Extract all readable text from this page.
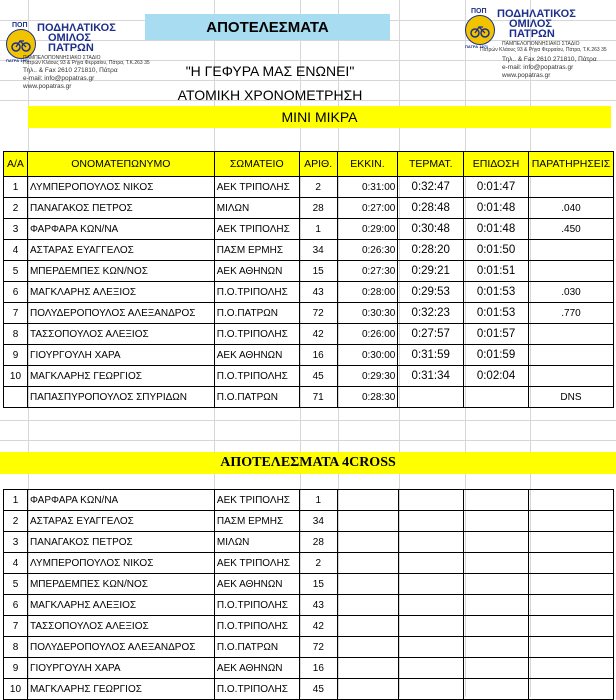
ΠΟΠ
ΠΑΤΡΑ 1971
ΠΟΔΗΛΑΤΙΚΟΣ
ΟΜΙΛΟΣ
ΠΑΤΡΩΝ
ΠΑΜΠΕΛΟΠΟΝΝΗΣΙΑΚΟ ΣΤΑΔΙΟ
Πατρών Κλάους 93 & Ρήγα Φερραίου, Πάτρα, Τ.Κ.263 35
Τηλ.. & Fax 2610 271810, Πάτρα
e-mail: info@popatras.gr
www.popatras.gr
ΠΟΠ
ΠΑΤΡΑ 1971
ΠΟΔΗΛΑΤΙΚΟΣ
ΟΜΙΛΟΣ
ΠΑΤΡΩΝ
ΠΑΜΠΕΛΟΠΟΝΝΗΣΙΑΚΟ ΣΤΑΔΙΟ
Πατρών Κλάους 93 & Ρήγα Φερραίου, Πάτρα, Τ.Κ.263 35
Τηλ.. & Fax 2610 271810, Πάτρα
e-mail: info@popatras.gr
www.popatras.gr
ΑΠΟΤΕΛΕΣΜΑΤΑ
"Η ΓΕΦΥΡΑ ΜΑΣ ΕΝΩΝΕΙ"
ΑΤΟΜΙΚΗ ΧΡΟΝΟΜΕΤΡΗΣΗ
ΜΙΝΙ ΜΙΚΡΑ
Α/Α	ΟΝΟΜΑΤΕΠΩΝΥΜΟ	ΣΩΜΑΤΕΙΟ	ΑΡΙΘ.	ΕΚΚΙΝ.	ΤΕΡΜΑΤ.	ΕΠΙΔΟΣΗ	ΠΑΡΑΤΗΡΗΣΕΙΣ
1	ΛΥΜΠΕΡΟΠΟΥΛΟΣ ΝΙΚΟΣ	ΑΕΚ ΤΡΙΠΟΛΗΣ	2	0:31:00	0:32:47	0:01:47	
2	ΠΑΝΑΓΑΚΟΣ ΠΕΤΡΟΣ	ΜΙΛΩΝ	28	0:27:00	0:28:48	0:01:48	.040
3	ΦΑΡΦΑΡΑ ΚΩΝ/ΝΑ	ΑΕΚ ΤΡΙΠΟΛΗΣ	1	0:29:00	0:30:48	0:01:48	.450
4	ΑΣΤΑΡΑΣ ΕΥΑΓΓΕΛΟΣ	ΠΑΣΜ ΕΡΜΗΣ	34	0:26:30	0:28:20	0:01:50	
5	ΜΠΕΡΔΕΜΠΕΣ ΚΩΝ/ΝΟΣ	ΑΕΚ ΑΘΗΝΩΝ	15	0:27:30	0:29:21	0:01:51	
6	ΜΑΓΚΛΑΡΗΣ ΑΛΕΞΙΟΣ	Π.Ο.ΤΡΙΠΟΛΗΣ	43	0:28:00	0:29:53	0:01:53	.030
7	ΠΟΛΥΔΕΡΟΠΟΥΛΟΣ ΑΛΕΞΑΝΔΡΟΣ	Π.Ο.ΠΑΤΡΩΝ	72	0:30:30	0:32:23	0:01:53	.770
8	ΤΑΣΣΟΠΟΥΛΟΣ ΑΛΕΞΙΟΣ	Π.Ο.ΤΡΙΠΟΛΗΣ	42	0:26:00	0:27:57	0:01:57	
9	ΓΙΟΥΡΓΟΥΛΗ ΧΑΡΑ	ΑΕΚ ΑΘΗΝΩΝ	16	0:30:00	0:31:59	0:01:59	
10	ΜΑΓΚΛΑΡΗΣ ΓΕΩΡΓΙΟΣ	Π.Ο.ΤΡΙΠΟΛΗΣ	45	0:29:30	0:31:34	0:02:04	
	ΠΑΠΑΣΠΥΡΟΠΟΥΛΟΣ ΣΠΥΡΙΔΩΝ	Π.Ο.ΠΑΤΡΩΝ	71	0:28:30			DNS
ΑΠΟΤΕΛΕΣΜΑΤΑ 4CROSS
1	ΦΑΡΦΑΡΑ ΚΩΝ/ΝΑ	ΑΕΚ ΤΡΙΠΟΛΗΣ	1				
2	ΑΣΤΑΡΑΣ ΕΥΑΓΓΕΛΟΣ	ΠΑΣΜ ΕΡΜΗΣ	34				
3	ΠΑΝΑΓΑΚΟΣ ΠΕΤΡΟΣ	ΜΙΛΩΝ	28				
4	ΛΥΜΠΕΡΟΠΟΥΛΟΣ ΝΙΚΟΣ	ΑΕΚ ΤΡΙΠΟΛΗΣ	2				
5	ΜΠΕΡΔΕΜΠΕΣ ΚΩΝ/ΝΟΣ	ΑΕΚ ΑΘΗΝΩΝ	15				
6	ΜΑΓΚΛΑΡΗΣ ΑΛΕΞΙΟΣ	Π.Ο.ΤΡΙΠΟΛΗΣ	43				
7	ΤΑΣΣΟΠΟΥΛΟΣ ΑΛΕΞΙΟΣ	Π.Ο.ΤΡΙΠΟΛΗΣ	42				
8	ΠΟΛΥΔΕΡΟΠΟΥΛΟΣ ΑΛΕΞΑΝΔΡΟΣ	Π.Ο.ΠΑΤΡΩΝ	72				
9	ΓΙΟΥΡΓΟΥΛΗ ΧΑΡΑ	ΑΕΚ ΑΘΗΝΩΝ	16				
10	ΜΑΓΚΛΑΡΗΣ ΓΕΩΡΓΙΟΣ	Π.Ο.ΤΡΙΠΟΛΗΣ	45				
